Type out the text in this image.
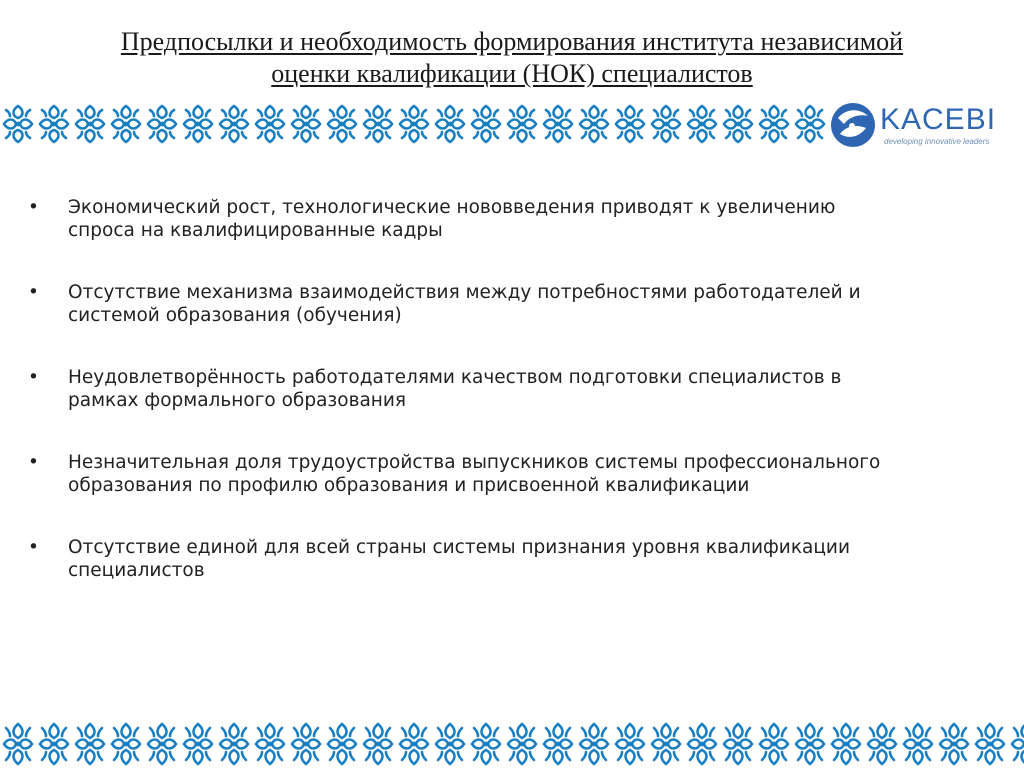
Предпосылки и необходимость формирования института независимой
оценки квалификации (НОК) специалистов
KACEBI
developing innovative leaders
• Экономический рост, технологические нововведения приводят к увеличению
спроса на квалифицированные кадры
• Отсутствие механизма взаимодействия между потребностями работодателей и
системой образования (обучения)
• Неудовлетворённость работодателями качеством подготовки специалистов в
рамках формального образования
• Незначительная доля трудоустройства выпускников системы профессионального
образования по профилю образования и присвоенной квалификации
• Отсутствие единой для всей страны системы признания уровня квалификации
специалистов
